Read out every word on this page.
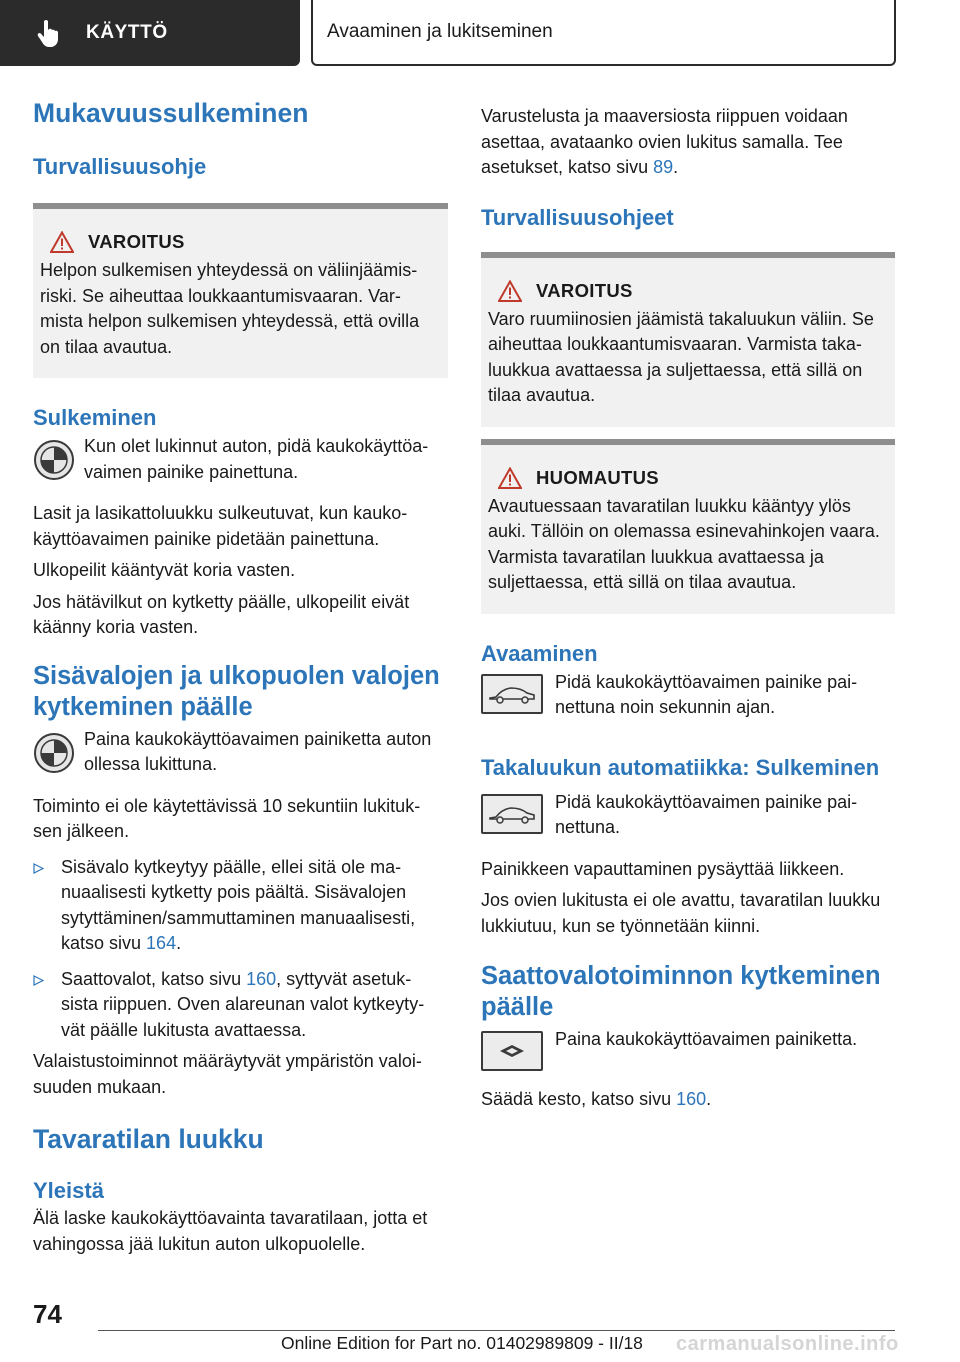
KÄYTTÖ	Avaaminen ja lukitseminen
Mukavuussulkeminen
Turvallisuusohje
VAROITUS

Helpon sulkemisen yhteydessä on väliinjäämis-riski. Se aiheuttaa loukkaantumisvaaran. Var-mista helpon sulkemisen yhteydessä, että ovilla on tilaa avautua.

Sulkeminen
Kun olet lukinnut auton, pidä kaukokäyttöa-vaimen painike painettuna.

Lasit ja lasikattoluukku sulkeutuvat, kun kauko-käyttöavaimen painike pidetään painettuna.

Ulkopeilit kääntyvät koria vasten.

Jos hätävilkut on kytketty päälle, ulkopeilit eivät käänny koria vasten.

Sisävalojen ja ulkopuolen valojen kytkeminen päälle
Paina kaukokäyttöavaimen painiketta auton ollessa lukittuna.

Toiminto ei ole käytettävissä 10 sekuntiin lukituk-sen jälkeen.

Sisävalo kytkeytyy päälle, ellei sitä ole ma-nuaalisesti kytketty pois päältä. Sisävalojen sytyttäminen/sammuttaminen manuaalisesti, katso sivu 164.
Saattovalot, katso sivu 160, syttyvät asetuk-sista riippuen. Oven alareunan valot kytkeyty-vät päälle lukitusta avattaessa.

Valaistustoiminnot määräytyvät ympäristön valoi-suuden mukaan.

Tavaratilan luukku
Yleistä

Älä laske kaukokäyttöavainta tavaratilaan, jotta et vahingossa jää lukitun auton ulkopuolelle.

Varustelusta ja maaversiosta riippuen voidaan asettaa, avataanko ovien lukitus samalla. Tee asetukset, katso sivu 89.

Turvallisuusohjeet
VAROITUS

Varo ruumiinosien jäämistä takaluukun väliin. Se aiheuttaa loukkaantumisvaaran. Varmista taka-luukkua avattaessa ja suljettaessa, että sillä on tilaa avautua.

HUOMAUTUS

Avautuessaan tavaratilan luukku kääntyy ylös auki. Tällöin on olemassa esinevahinkojen vaara. Varmista tavaratilan luukkua avattaessa ja suljettaessa, että sillä on tilaa avautua.

Avaaminen
Pidä kaukokäyttöavaimen painike pai-nettuna noin sekunnin ajan.
Takaluukun automatiikka: Sulkeminen
Pidä kaukokäyttöavaimen painike pai-nettuna.

Painikkeen vapauttaminen pysäyttää liikkeen.

Jos ovien lukitusta ei ole avattu, tavaratilan luukku lukkiutuu, kun se työnnetään kiinni.

Saattovalotoiminnon kytkeminen päälle
Paina kaukokäyttöavaimen painiketta.

Säädä kesto, katso sivu 160.

74
Online Edition for Part no. 01402989809 - II/18 carmanualsonline.info
